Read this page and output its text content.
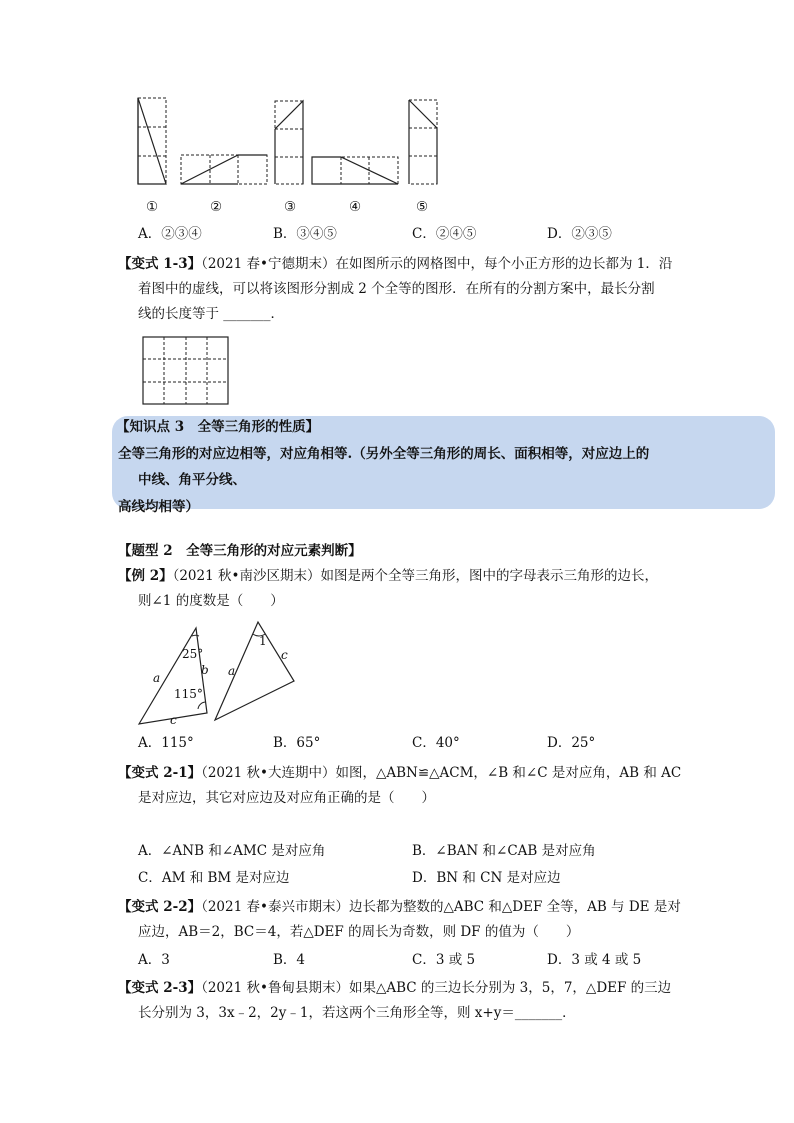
①	②	③	④	⑤
A．②③④	B．③④⑤	C．②④⑤	D．②③⑤
【变式 1-3】（2021 春•宁德期末）在如图所示的网格图中，每个小正方形的边长都为 1．沿
着图中的虚线，可以将该图形分割成 2 个全等的图形．在所有的分割方案中，最长分割
线的长度等于 _______．
【知识点 3　全等三角形的性质】
全等三角形的对应边相等，对应角相等.（另外全等三角形的周长、面积相等，对应边上的
中线、角平分线、
高线均相等）
【题型 2　全等三角形的对应元素判断】
【例 2】（2021 秋•南沙区期末）如图是两个全等三角形，图中的字母表示三角形的边长，
则∠1 的度数是（　　）
a
b
c
25°
115°
a
c
1
A．115°	B．65°	C．40°	D．25°
【变式 2-1】（2021 秋•大连期中）如图，△ABN≌△ACM，∠B 和∠C 是对应角，AB 和 AC
是对应边，其它对应边及对应角正确的是（　　）
A．∠ANB 和∠AMC 是对应角	B．∠BAN 和∠CAB 是对应角
C．AM 和 BM 是对应边	D．BN 和 CN 是对应边
【变式 2-2】（2021 春•泰兴市期末）边长都为整数的△ABC 和△DEF 全等，AB 与 DE 是对
应边，AB＝2，BC＝4，若△DEF 的周长为奇数，则 DF 的值为（　　）
A．3	B．4	C．3 或 5	D．3 或 4 或 5
【变式 2-3】（2021 秋•鲁甸县期末）如果△ABC 的三边长分别为 3，5，7，△DEF 的三边
长分别为 3，3x﹣2，2y﹣1，若这两个三角形全等，则 x+y＝_______．
